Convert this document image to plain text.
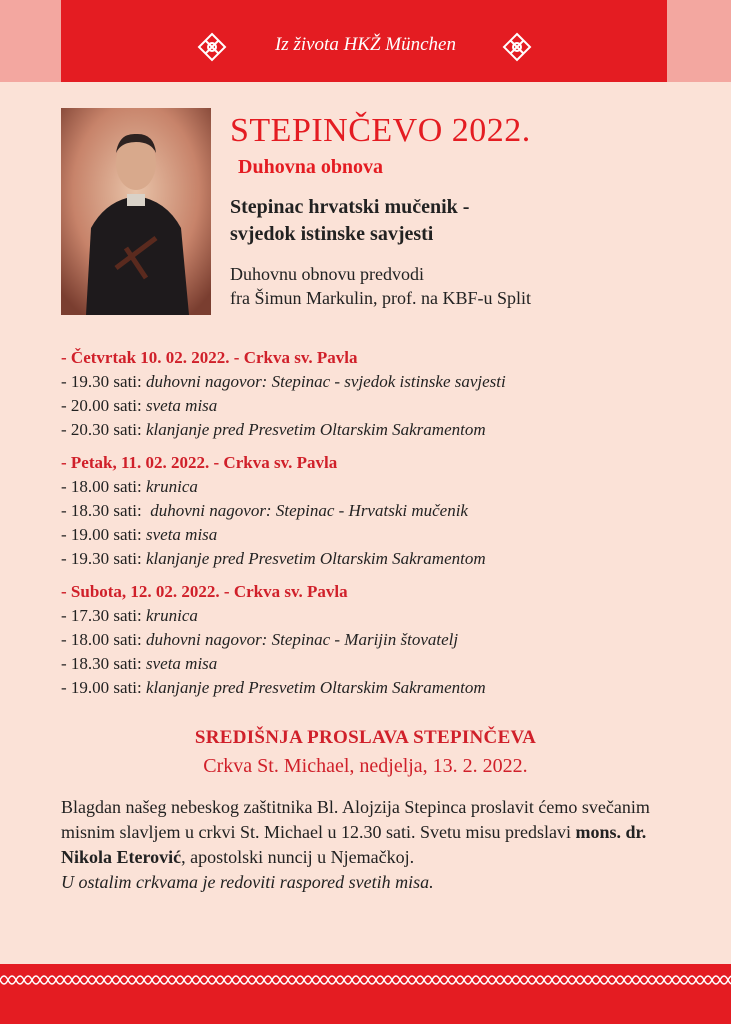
Iz života HKŽ München
STEPINČEVO 2022.
Duhovna obnova
Stepinac hrvatski mučenik -
svjedok istinske savjesti
Duhovnu obnovu predvodi
fra Šimun Markulin, prof. na KBF-u Split
- Četvrtak 10. 02. 2022. - Crkva sv. Pavla
- 19.30 sati: duhovni nagovor: Stepinac - svjedok istinske savjesti
- 20.00 sati: sveta misa
- 20.30 sati: klanjanje pred Presvetim Oltarskim Sakramentom
- Petak, 11. 02. 2022. - Crkva sv. Pavla
- 18.00 sati: krunica
- 18.30 sati:  duhovni nagovor: Stepinac - Hrvatski mučenik
- 19.00 sati: sveta misa
- 19.30 sati: klanjanje pred Presvetim Oltarskim Sakramentom
- Subota, 12. 02. 2022. - Crkva sv. Pavla
- 17.30 sati: krunica
- 18.00 sati: duhovni nagovor: Stepinac - Marijin štovatelj
- 18.30 sati: sveta misa
- 19.00 sati: klanjanje pred Presvetim Oltarskim Sakramentom
SREDIŠNJA PROSLAVA STEPINČEVA
Crkva St. Michael, nedjelja, 13. 2. 2022.
Blagdan našeg nebeskog zaštitnika Bl. Alojzija Stepinca proslavit ćemo svečanim misnim slavljem u crkvi St. Michael u 12.30 sati. Svetu misu predslavi mons. dr. Nikola Eterović, apostolski nuncij u Njemačkoj.
U ostalim crkvama je redoviti raspored svetih misa.
